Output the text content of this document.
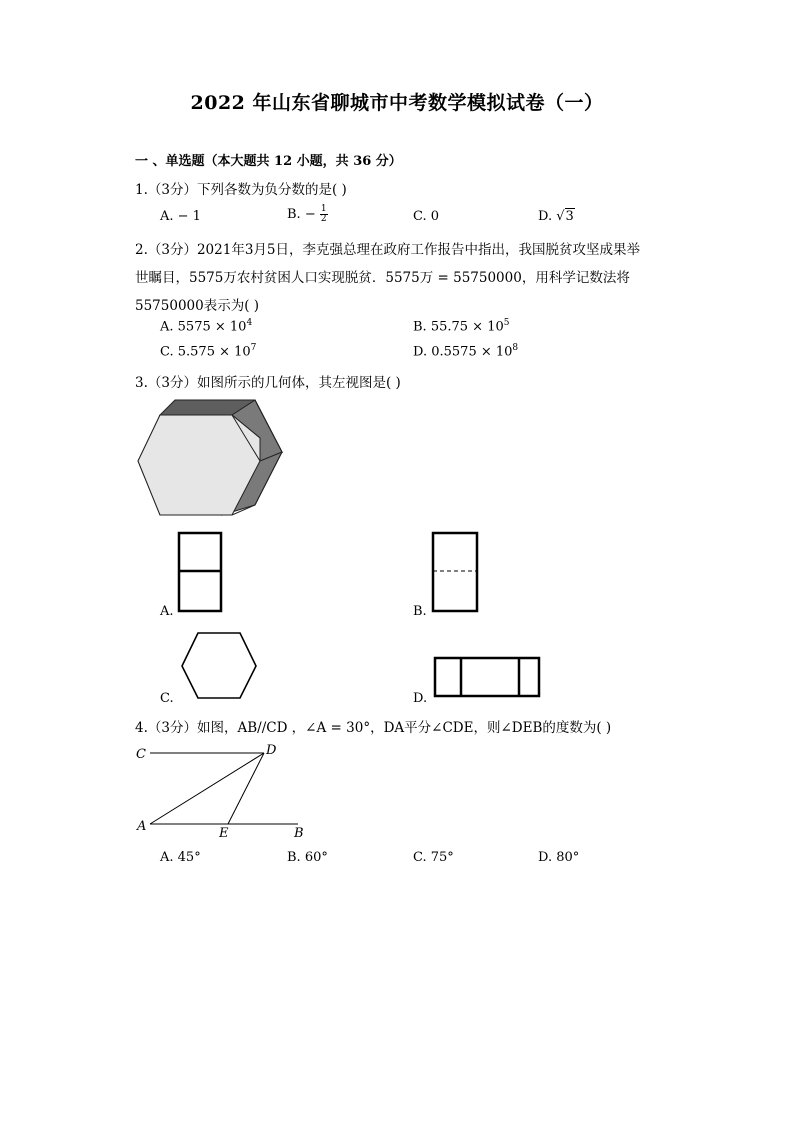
2022 年山东省聊城市中考数学模拟试卷（一）
一 、单选题（本大题共 12 小题，共 36 分）
1.（3分）下列各数为负分数的是( )
A. − 1	B. − $\frac{1}{2}$	C. 0	D. √3
2.（3分）2021年3月5日，李克强总理在政府工作报告中指出，我国脱贫攻坚成果举
世瞩目，5575万农村贫困人口实现脱贫．5575万 = 55750000，用科学记数法将
55750000表示为( )
A. $5575 \times 10^4$	B. $55.75 \times 10^5$
C. $5.575 \times 10^7$	D. $0.5575 \times 10^8$
3.（3分）如图所示的几何体，其左视图是( )
A.	B.
C.	D.
4.（3分）如图，AB//CD ，∠A = 30°，DA平分∠CDE，则∠DEB的度数为( )
C	D
A	E	B
A. 45°	B. 60°	C. 75°	D. 80°
